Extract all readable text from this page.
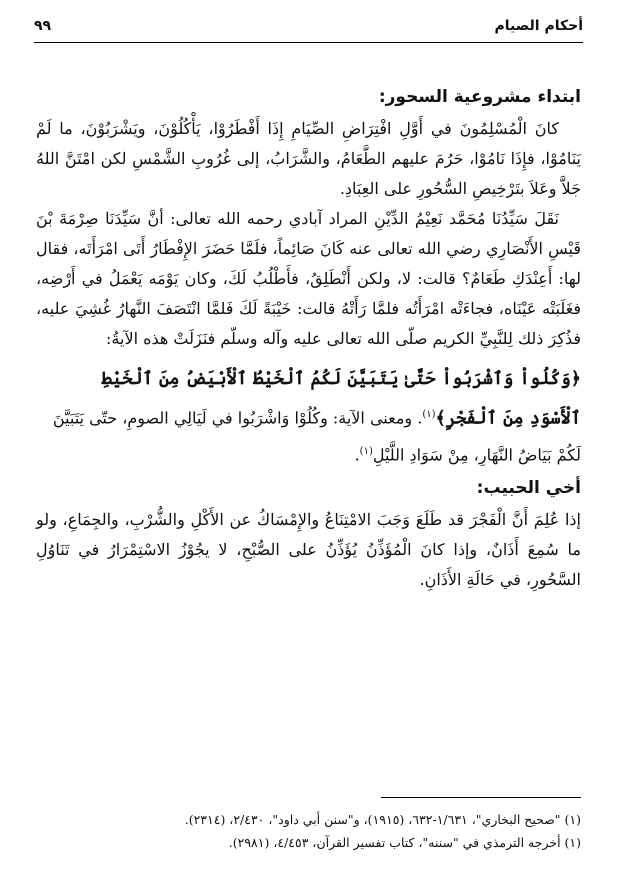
أحكام الصيام
٩٩
ابتداء مشروعية السحور:

كانَ الْمُسْلِمُونَ في أَوَّلِ افْتِرَاضِ الصِّيَامِ إِذَا أَفْطَرُوْا، يَأْكُلُوْنَ، ويَشْرَبُوْنَ، ما لَمْ يَنَامُوْا، فإِذَا نَامُوْا، حَرُمَ عليهم الطَّعَامُ، والشَّرَابُ، إلى غُرُوبِ الشَّمْسِ لكن امْتَنَّ اللهُ جَلاَّ وعَلاَ بتَرْخِيصِ السُّحُورِ على العِبَادِ.

نَقَلَ سَيِّدُنَا مُحَمَّد نَعِيْمُ الدِّيْنِ المراد آبادي رحمه الله تعالى: أنَّ سَيِّدَنَا صِرْمَةَ بْنَ قَيْسِ الأَنْصَارِي رضي الله تعالى عنه كَانَ صَائِماً، فلَمَّا حَضَرَ الإِفْطَارُ أَتَى امْرَأَتَه، فقال لها: أَعِنْدَكِ طَعَامٌ؟ قالت: لا، ولكن أَنْطَلِقُ، فأَطْلُبُ لَكَ، وكان يَوْمَه يَعْمَلُ في أَرْضِه، فغَلَبَتْه عَيْنَاه، فجاءَتْه امْرَأَتُه فلمَّا رَأَتْهُ قالت: خَيْبَةً لَكَ فَلمَّا انْتَصَفَ النَّهارُ غُشِيَ عليه، فذُكِرَ ذلك لِلنَّبِيِّ الكريم صلّى الله تعالى عليه وآله وسلّم فنَزَلَتْ هذه الآيةُ:

﴿وَكُلُواْ وَٱشْرَبُواْ حَتَّىٰ يَتَبَيَّنَ لَكُمُ ٱلْخَيْطُ ٱلْأَبْيَضُ مِنَ ٱلْخَيْطِ

ٱلْأَسْوَدِ مِنَ ٱلْفَجْرِ﴾$^{(١)}$. ومعنى الآية: وكُلُوْا وَاشْرَبُوا في لَيَالِي الصومِ، حتّى يَتَبَيَّنَ لَكُمْ بَيَاضُ النَّهَارِ، مِنْ سَوَادِ اللَّيْلِ$^{(١)}$.

أخي الحبيب:

إذا عُلِمَ أَنَّ الْفَجْرَ قد طَلَعَ وَجَبَ الامْتِنَاعُ والإِمْسَاكُ عن الأَكْلِ والشُّرْبِ، والجِمَاعِ، ولو ما سُمِعَ أَذَانٌ، وإذا كانَ الْمُؤَذِّنُ يُؤَذِّنُ على الصُّبْحِ، لا يجُوْزُ الاسْتِمْرَارُ في تَنَاوُلِ السَّحُورِ، في حَالَةِ الأَذَانِ.

(١) "صحيح البخاري"، ١/٦٣١-٦٣٢، (١٩١٥)، و"سنن أبي داود"، ٢/٤٣٠، (٢٣١٤).
(١) أخرجه الترمذي في "سننه"، كتاب تفسير القرآن، ٤/٤٥٣، (٢٩٨١).
